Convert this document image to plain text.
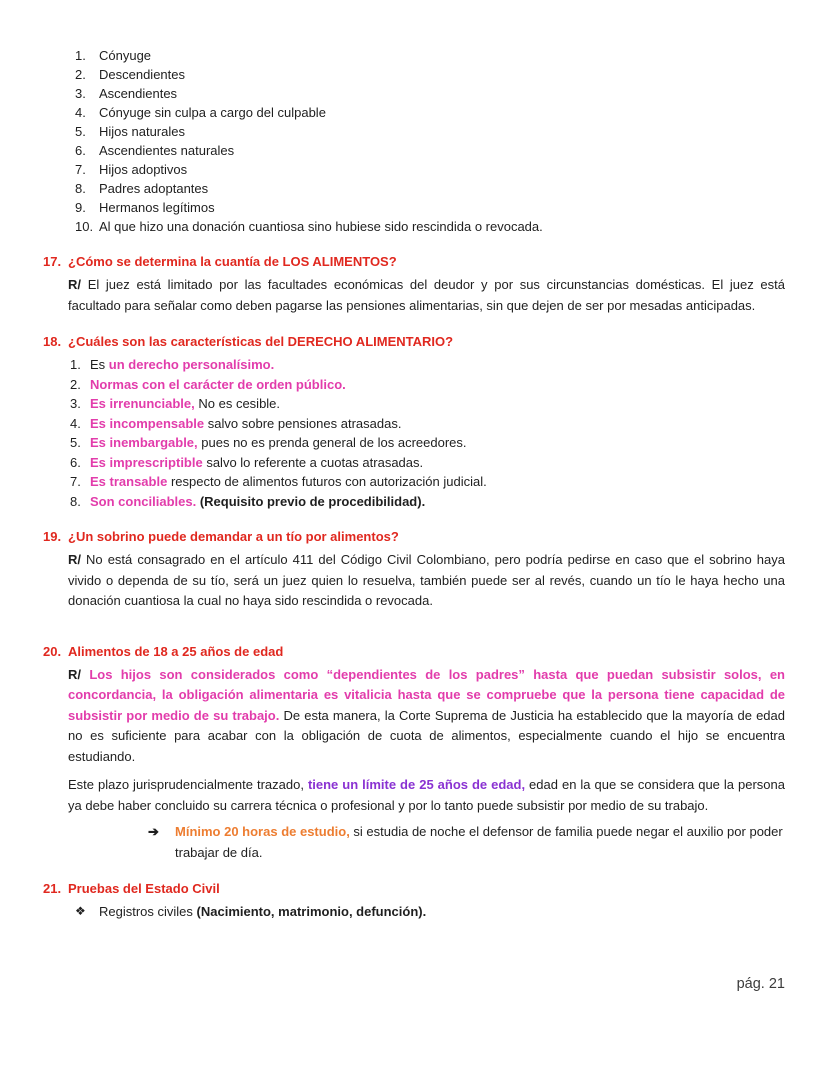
1.	Cónyuge
2.	Descendientes
3.	Ascendientes
4.	Cónyuge sin culpa a cargo del culpable
5.	Hijos naturales
6.	Ascendientes naturales
7.	Hijos adoptivos
8.	Padres adoptantes
9.	Hermanos legítimos
10. Al que hizo una donación cuantiosa sino hubiese sido rescindida o revocada.
17. ¿Cómo se determina la cuantía de LOS ALIMENTOS?

R/ El juez está limitado por las facultades económicas del deudor y por sus circunstancias domésticas. El juez está facultado para señalar como deben pagarse las pensiones alimentarias, sin que dejen de ser por mesadas anticipadas.

18. ¿Cuáles son las características del DERECHO ALIMENTARIO?
1. Es un derecho personalísimo.
2. Normas con el carácter de orden público.
3. Es irrenunciable, No es cesible.
4. Es incompensable salvo sobre pensiones atrasadas.
5. Es inembargable, pues no es prenda general de los acreedores.
6. Es imprescriptible salvo lo referente a cuotas atrasadas.
7. Es transable respecto de alimentos futuros con autorización judicial.
8. Son conciliables. (Requisito previo de procedibilidad).
19. ¿Un sobrino puede demandar a un tío por alimentos?

R/ No está consagrado en el artículo 411 del Código Civil Colombiano, pero podría pedirse en caso que el sobrino haya vivido o dependa de su tío, será un juez quien lo resuelva, también puede ser al revés, cuando un tío le haya hecho una donación cuantiosa la cual no haya sido rescindida o revocada.

20. Alimentos de 18 a 25 años de edad

R/ Los hijos son considerados como “dependientes de los padres” hasta que puedan subsistir solos, en concordancia, la obligación alimentaria es vitalicia hasta que se compruebe que la persona tiene capacidad de subsistir por medio de su trabajo. De esta manera, la Corte Suprema de Justicia ha establecido que la mayoría de edad no es suficiente para acabar con la obligación de cuota de alimentos, especialmente cuando el hijo se encuentra estudiando.

Este plazo jurisprudencialmente trazado, tiene un límite de 25 años de edad, edad en la que se considera que la persona ya debe haber concluido su carrera técnica o profesional y por lo tanto puede subsistir por medio de su trabajo.

➔	Mínimo 20 horas de estudio, si estudia de noche el defensor de familia puede negar el auxilio por poder trabajar de día.
21. Pruebas del Estado Civil
❖	Registros civiles (Nacimiento, matrimonio, defunción).
pág. 21
